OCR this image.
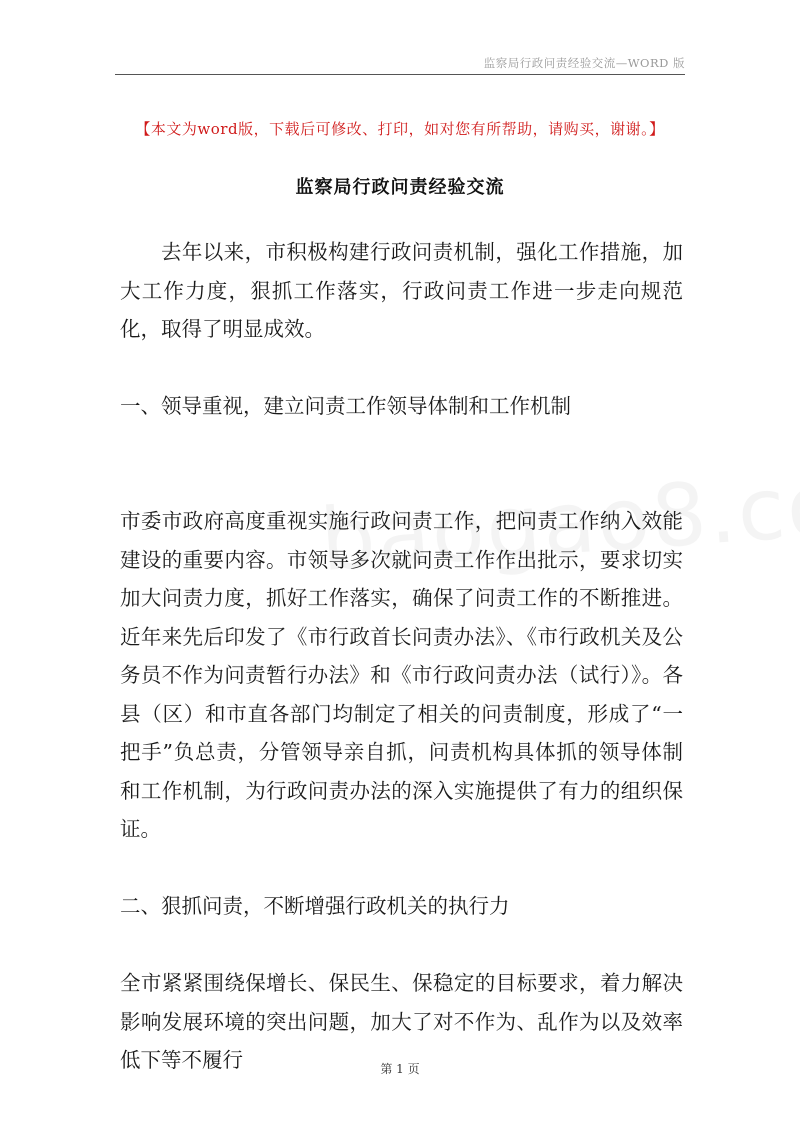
监察局行政问责经验交流—WORD 版
【本文为word版，下载后可修改、打印，如对您有所帮助，请购买，谢谢。】
监察局行政问责经验交流

去年以来，市积极构建行政问责机制，强化工作措施，加大工作力度，狠抓工作落实，行政问责工作进一步走向规范化，取得了明显成效。

一、领导重视，建立问责工作领导体制和工作机制

市委市政府高度重视实施行政问责工作，把问责工作纳入效能建设的重要内容。市领导多次就问责工作作出批示，要求切实加大问责力度，抓好工作落实，确保了问责工作的不断推进。近年来先后印发了《市行政首长问责办法》、《市行政机关及公务员不作为问责暂行办法》和《市行政问责办法（试行）》。各县（区）和市直各部门均制定了相关的问责制度，形成了“一把手”负总责，分管领导亲自抓，问责机构具体抓的领导体制和工作机制，为行政问责办法的深入实施提供了有力的组织保证。

二、狠抓问责，不断增强行政机关的执行力

全市紧紧围绕保增长、保民生、保稳定的目标要求，着力解决影响发展环境的突出问题，加大了对不作为、乱作为以及效率低下等不履行	第 1 页
